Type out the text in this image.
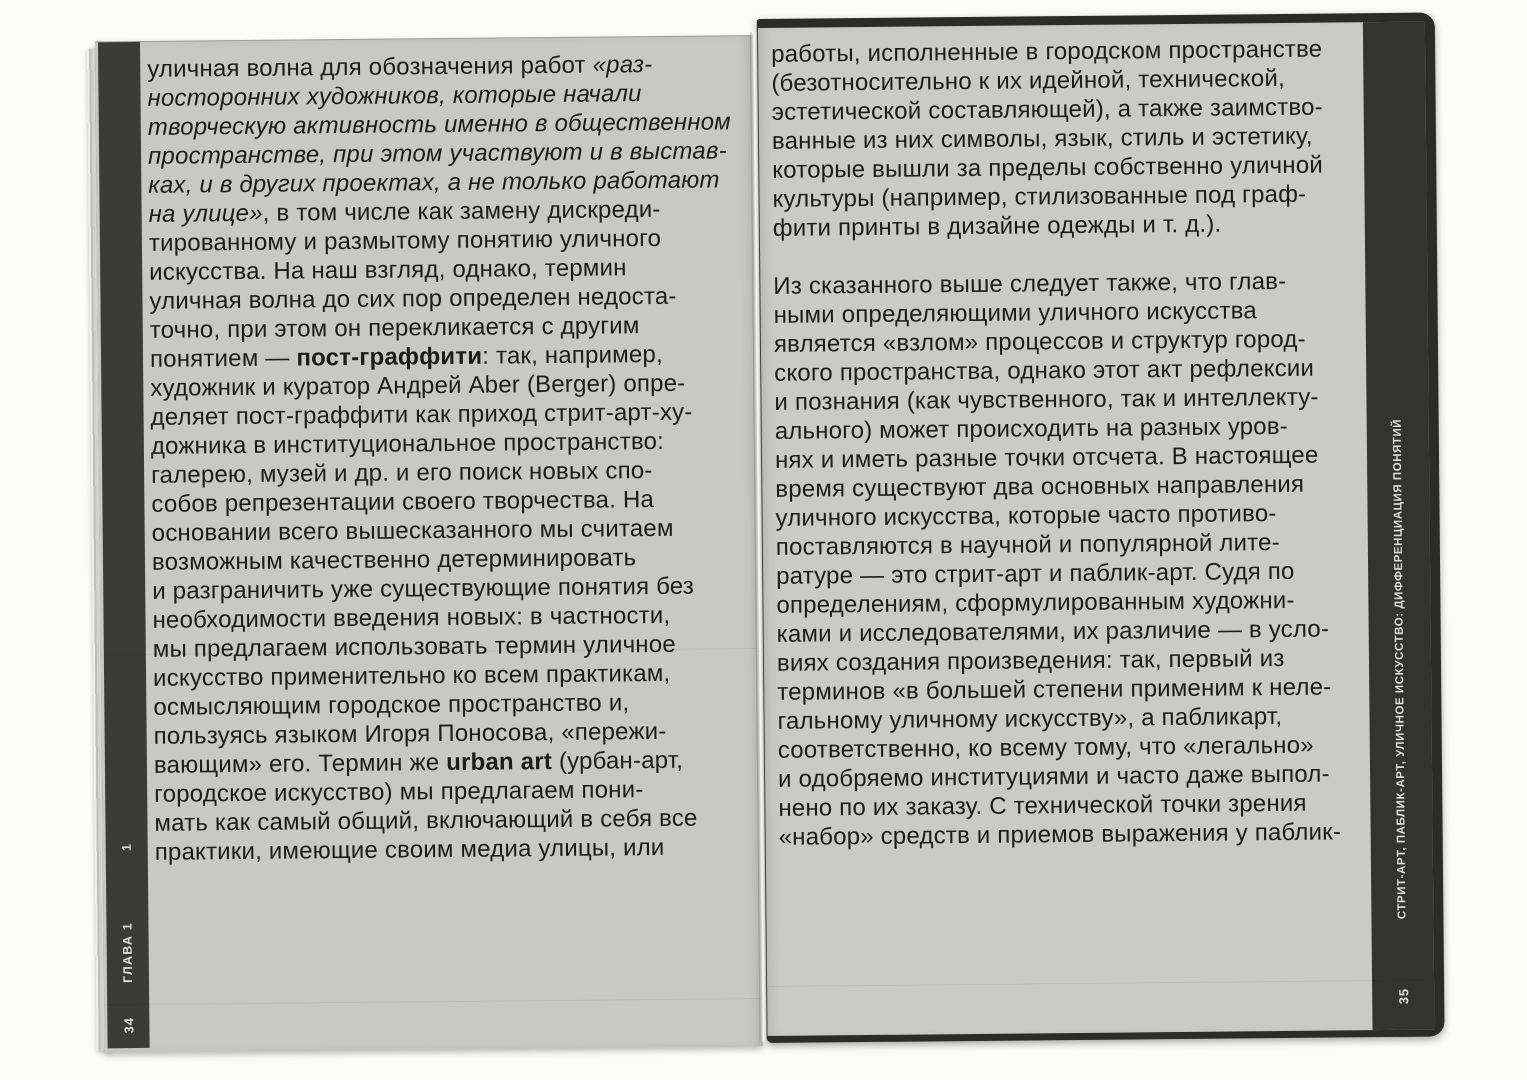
1
ГЛАВА 1
34
уличная волна для обозначения работ «раз-
носторонних художников, которые начали
творческую активность именно в общественном
пространстве, при этом участвуют и в выстав-
ках, и в других проектах, а не только работают
на улице», в том числе как замену дискреди-
тированному и размытому понятию уличного
искусства. На наш взгляд, однако, термин
уличная волна до сих пор определен недоста-
точно, при этом он перекликается с другим
понятием — пост-граффити: так, например,
художник и куратор Андрей Aber (Berger) опре-
деляет пост-граффити как приход стрит-арт-ху-
дожника в институциональное пространство:
галерею, музей и др. и его поиск новых спо-
собов репрезентации своего творчества. На
основании всего вышесказанного мы считаем
возможным качественно детерминировать
и разграничить уже существующие понятия без
необходимости введения новых: в частности,
мы предлагаем использовать термин уличное
искусство применительно ко всем практикам,
осмысляющим городское пространство и,
пользуясь языком Игоря Поносова, «пережи-
вающим» его. Термин же urban art (урбан-арт,
городское искусство) мы предлагаем пони-
мать как самый общий, включающий в себя все
практики, имеющие своим медиа улицы, или	СТРИТ-АРТ, ПАБЛИК-АРТ, УЛИЧНОЕ ИСКУССТВО: ДИФФЕРЕНЦИАЦИЯ ПОНЯТИЙ
35
работы, исполненные в городском пространстве
(безотносительно к их идейной, технической,
эстетической составляющей), а также заимство-
ванные из них символы, язык, стиль и эстетику,
которые вышли за пределы собственно уличной
культуры (например, стилизованные под граф-
фити принты в дизайне одежды и т. д.).
Из сказанного выше следует также, что глав-
ными определяющими уличного искусства
является «взлом» процессов и структур город-
ского пространства, однако этот акт рефлексии
и познания (как чувственного, так и интеллекту-
ального) может происходить на разных уров-
нях и иметь разные точки отсчета. В настоящее
время существуют два основных направления
уличного искусства, которые часто противо-
поставляются в научной и популярной лите-
ратуре — это стрит-арт и паблик-арт. Судя по
определениям, сформулированным художни-
ками и исследователями, их различие — в усло-
виях создания произведения: так, первый из
терминов «в большей степени применим к неле-
гальному уличному искусству», а пабликарт,
соответственно, ко всему тому, что «легально»
и одобряемо институциями и часто даже выпол-
нено по их заказу. С технической точки зрения
«набор» средств и приемов выражения у паблик-
